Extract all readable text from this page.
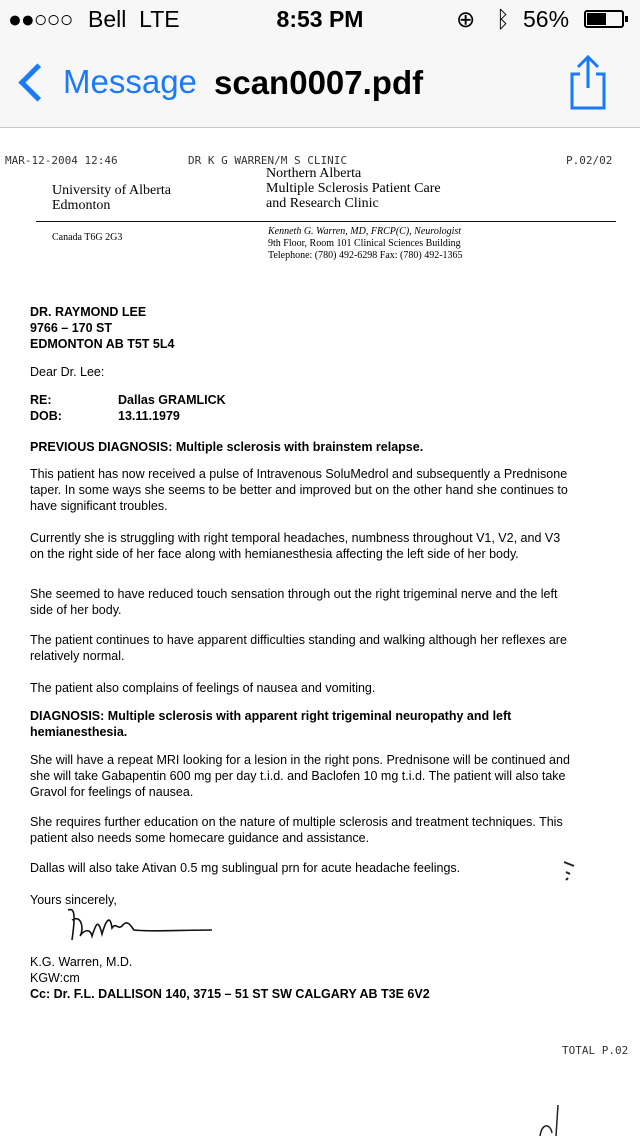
●●○○○ Bell LTE	8:53 PM	⊕ ᛒ 56%
Message scan0007.pdf
MAR-12-2004 12:46	DR K G WARREN/M S CLINIC	P.02/02
University of Alberta
Edmonton
Northern Alberta
Multiple Sclerosis Patient Care
and Research Clinic
Canada T6G 2G3
Kenneth G. Warren, MD, FRCP(C), Neurologist
9th Floor, Room 101 Clinical Sciences Building
Telephone: (780) 492-6298 Fax: (780) 492-1365
DR. RAYMOND LEE
9766 – 170 ST
EDMONTON AB T5T 5L4
Dear Dr. Lee:
RE:	Dallas GRAMLICK
DOB:	13.11.1979
PREVIOUS DIAGNOSIS: Multiple sclerosis with brainstem relapse.
This patient has now received a pulse of Intravenous SoluMedrol and subsequently a Prednisone taper. In some ways she seems to be better and improved but on the other hand she continues to have significant troubles.
Currently she is struggling with right temporal headaches, numbness throughout V1, V2, and V3 on the right side of her face along with hemianesthesia affecting the left side of her body.
She seemed to have reduced touch sensation through out the right trigeminal nerve and the left side of her body.
The patient continues to have apparent difficulties standing and walking although her reflexes are relatively normal.
The patient also complains of feelings of nausea and vomiting.
DIAGNOSIS: Multiple sclerosis with apparent right trigeminal neuropathy and left hemianesthesia.
She will have a repeat MRI looking for a lesion in the right pons. Prednisone will be continued and she will take Gabapentin 600 mg per day t.i.d. and Baclofen 10 mg t.i.d. The patient will also take Gravol for feelings of nausea.
She requires further education on the nature of multiple sclerosis and treatment techniques. This patient also needs some homecare guidance and assistance.
Dallas will also take Ativan 0.5 mg sublingual prn for acute headache feelings.
Yours sincerely,
K.G. Warren, M.D.
KGW:cm
Cc: Dr. F.L. DALLISON 140, 3715 – 51 ST SW CALGARY AB T3E 6V2
TOTAL P.02
